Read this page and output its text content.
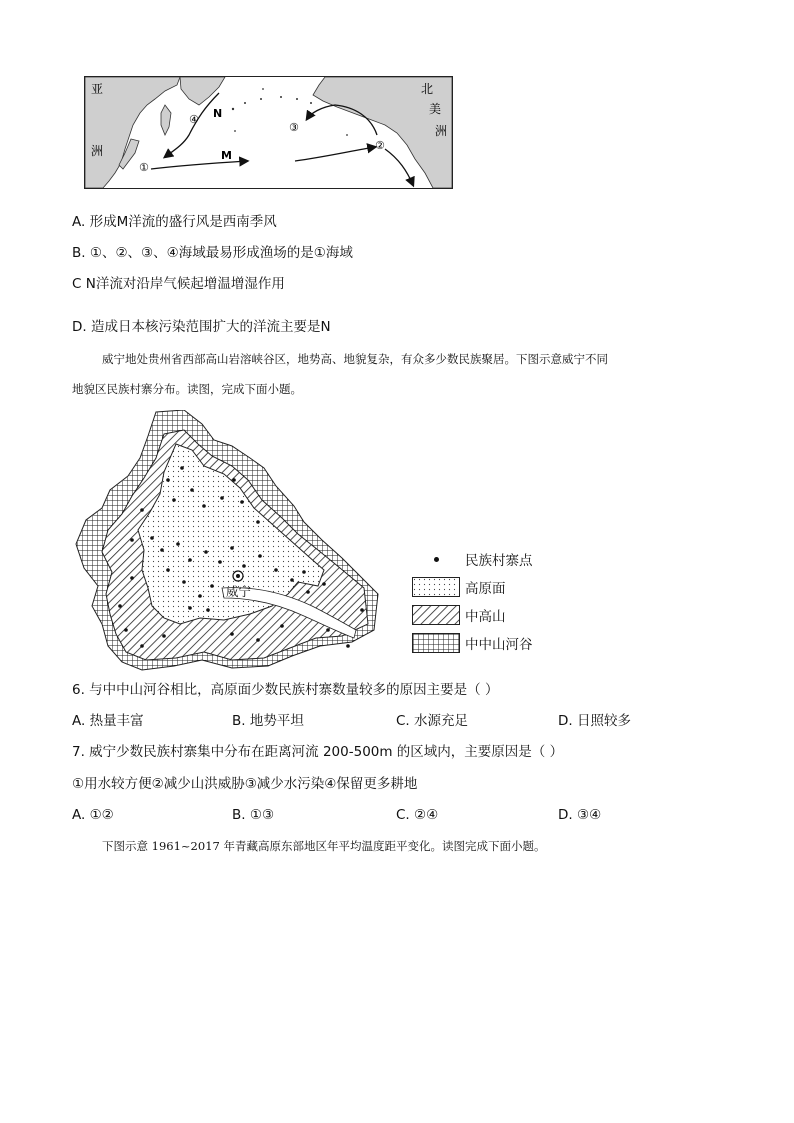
亚
洲
北
美
洲
N
M
①
②
③
④
A. 形成M洋流的盛行风是西南季风
B. ①、②、③、④海域最易形成渔场的是①海域
C N洋流对沿岸气候起增温增湿作用
D. 造成日本核污染范围扩大的洋流主要是N
威宁地处贵州省西部高山岩溶峡谷区，地势高、地貌复杂，有众多少数民族聚居。下图示意威宁不同
地貌区民族村寨分布。读图，完成下面小题。
威宁
民族村寨点
高原面
中高山
中中山河谷
6. 与中中山河谷相比，高原面少数民族村寨数量较多的原因主要是（ ）
A. 热量丰富	B. 地势平坦	C. 水源充足	D. 日照较多
7. 威宁少数民族村寨集中分布在距离河流 200-500m 的区域内，主要原因是（ ）
①用水较方便②减少山洪威胁③减少水污染④保留更多耕地
A. ①②	B. ①③	C. ②④	D. ③④
下图示意 1961~2017 年青藏高原东部地区年平均温度距平变化。读图完成下面小题。
